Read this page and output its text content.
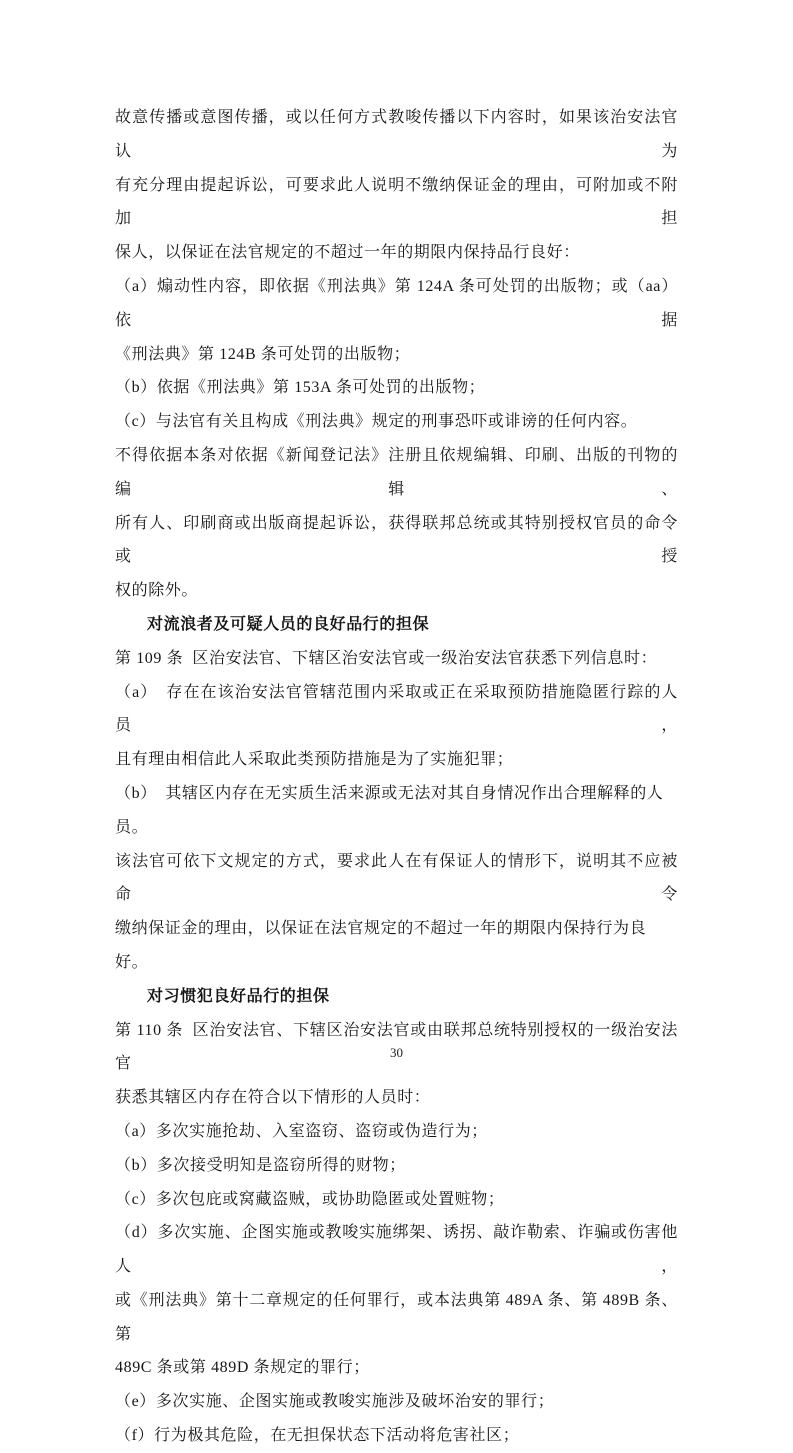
故意传播或意图传播，或以任何方式教唆传播以下内容时，如果该治安法官认为
有充分理由提起诉讼，可要求此人说明不缴纳保证金的理由，可附加或不附加担
保人，以保证在法官规定的不超过一年的期限内保持品行良好：
（a）煽动性内容，即依据《刑法典》第 124A 条可处罚的出版物；或（aa）依据
《刑法典》第 124B 条可处罚的出版物；
（b）依据《刑法典》第 153A 条可处罚的出版物；
（c）与法官有关且构成《刑法典》规定的刑事恐吓或诽谤的任何内容。
不得依据本条对依据《新闻登记法》注册且依规编辑、印刷、出版的刊物的编辑、
所有人、印刷商或出版商提起诉讼，获得联邦总统或其特别授权官员的命令或授
权的除外。
对流浪者及可疑人员的良好品行的担保
第 109 条  区治安法官、下辖区治安法官或一级治安法官获悉下列信息时：
（a）　存在在该治安法官管辖范围内采取或正在采取预防措施隐匿行踪的人员，
且有理由相信此人采取此类预防措施是为了实施犯罪；
（b）　其辖区内存在无实质生活来源或无法对其自身情况作出合理解释的人员。
该法官可依下文规定的方式，要求此人在有保证人的情形下，说明其不应被命令
缴纳保证金的理由，以保证在法官规定的不超过一年的期限内保持行为良好。
对习惯犯良好品行的担保
第 110 条  区治安法官、下辖区治安法官或由联邦总统特别授权的一级治安法官
获悉其辖区内存在符合以下情形的人员时：
（a）多次实施抢劫、入室盗窃、盗窃或伪造行为；
（b）多次接受明知是盗窃所得的财物；
（c）多次包庇或窝藏盗贼，或协助隐匿或处置赃物；
（d）多次实施、企图实施或教唆实施绑架、诱拐、敲诈勒索、诈骗或伤害他人，
或《刑法典》第十二章规定的任何罪行，或本法典第 489A 条、第 489B 条、第
489C 条或第 489D 条规定的罪行；
（e）多次实施、企图实施或教唆实施涉及破坏治安的罪行；
（f）行为极其危险，在无担保状态下活动将危害社区；
30
